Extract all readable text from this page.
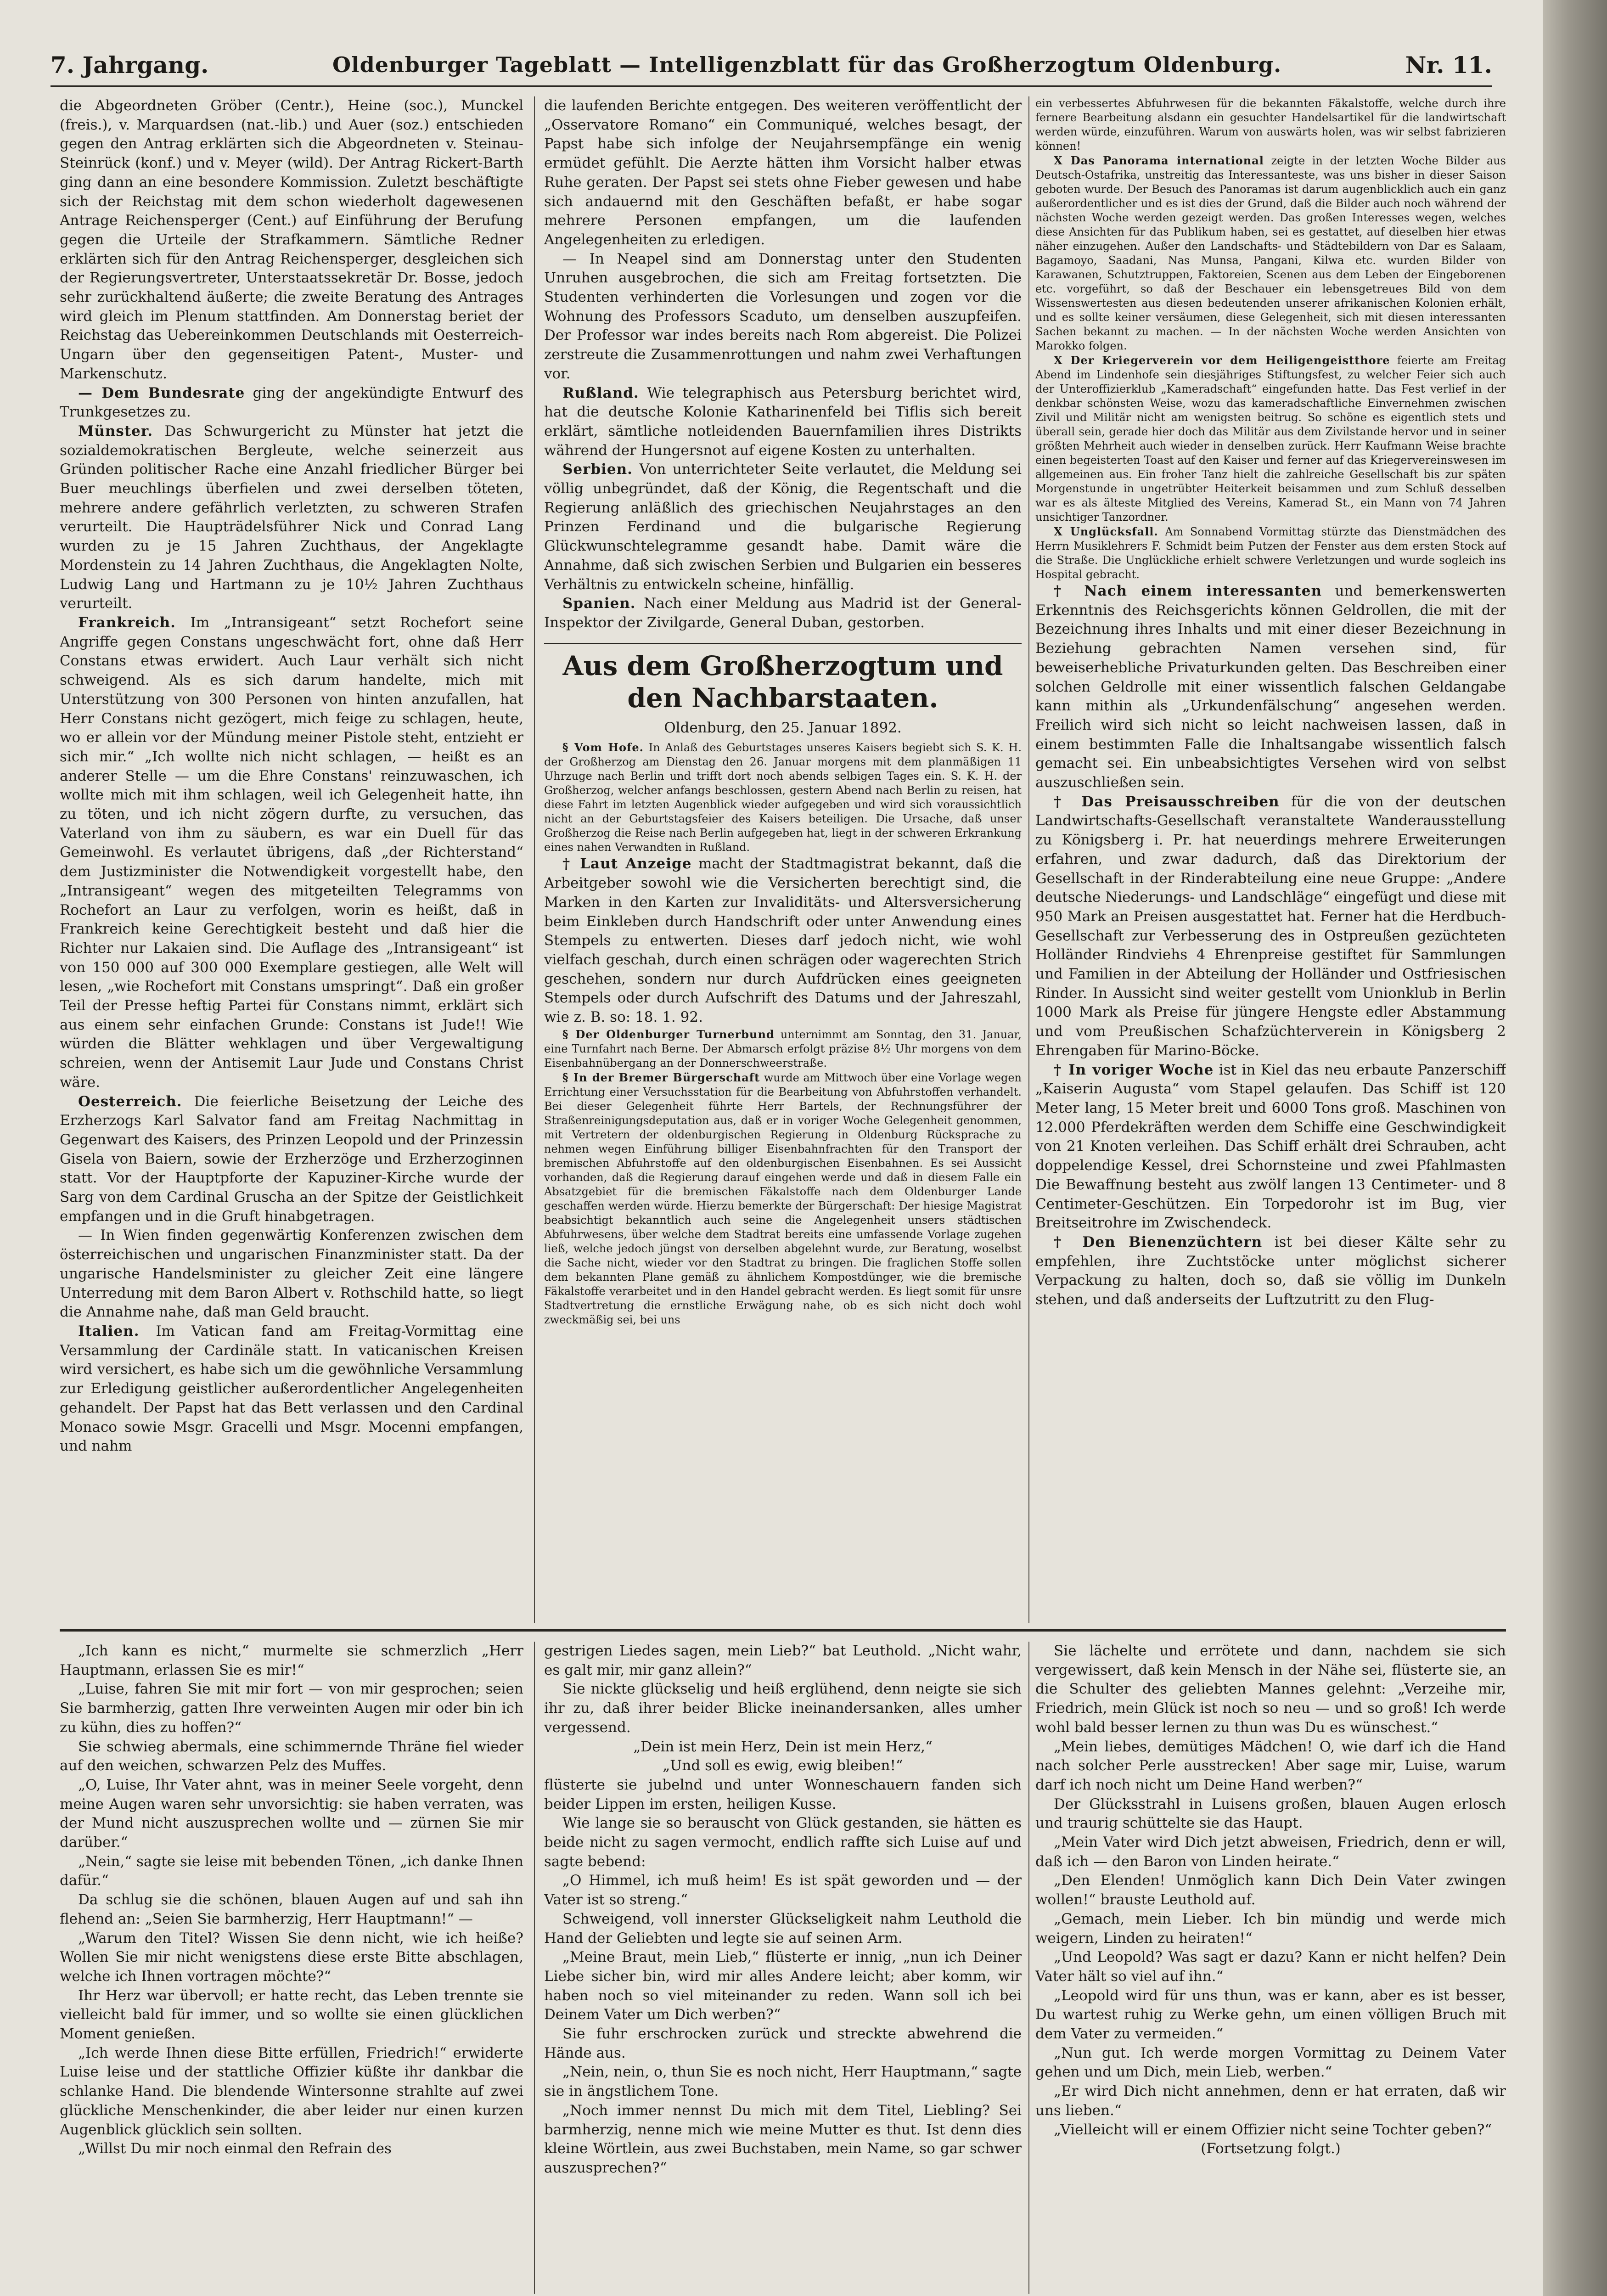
7. Jahrgang.	Oldenburger Tageblatt — Intelligenzblatt für das Großherzogtum Oldenburg.	Nr. 11.

die Abgeordneten Gröber (Centr.), Heine (soc.), Munckel (freis.), v. Marquardsen (nat.-lib.) und Auer (soz.) entschieden gegen den Antrag erklärten sich die Abgeordneten v. Steinau-Steinrück (konf.) und v. Meyer (wild). Der Antrag Rickert-Barth ging dann an eine besondere Kommission. Zuletzt beschäftigte sich der Reichstag mit dem schon wiederholt dagewesenen Antrage Reichensperger (Cent.) auf Einführung der Berufung gegen die Urteile der Strafkammern. Sämtliche Redner erklärten sich für den Antrag Reichensperger, desgleichen sich der Regierungsvertreter, Unterstaatssekretär Dr. Bosse, jedoch sehr zurückhaltend äußerte; die zweite Beratung des Antrages wird gleich im Plenum stattfinden. Am Donnerstag beriet der Reichstag das Uebereinkommen Deutschlands mit Oesterreich-Ungarn über den gegenseitigen Patent-, Muster- und Markenschutz.

— Dem Bundesrate ging der angekündigte Entwurf des Trunkgesetzes zu.

Münster. Das Schwurgericht zu Münster hat jetzt die sozialdemokratischen Bergleute, welche seinerzeit aus Gründen politischer Rache eine Anzahl friedlicher Bürger bei Buer meuchlings überfielen und zwei derselben töteten, mehrere andere gefährlich verletzten, zu schweren Strafen verurteilt. Die Haupträdelsführer Nick und Conrad Lang wurden zu je 15 Jahren Zuchthaus, der Angeklagte Mordenstein zu 14 Jahren Zuchthaus, die Angeklagten Nolte, Ludwig Lang und Hartmann zu je 10½ Jahren Zuchthaus verurteilt.

Frankreich. Im „Intransigeant“ setzt Rochefort seine Angriffe gegen Constans ungeschwächt fort, ohne daß Herr Constans etwas erwidert. Auch Laur verhält sich nicht schweigend. Als es sich darum handelte, mich mit Unterstützung von 300 Personen von hinten anzufallen, hat Herr Constans nicht gezögert, mich feige zu schlagen, heute, wo er allein vor der Mündung meiner Pistole steht, entzieht er sich mir.“ „Ich wollte nich nicht schlagen, — heißt es an anderer Stelle — um die Ehre Constans' reinzuwaschen, ich wollte mich mit ihm schlagen, weil ich Gelegenheit hatte, ihn zu töten, und ich nicht zögern durfte, zu versuchen, das Vaterland von ihm zu säubern, es war ein Duell für das Gemeinwohl. Es verlautet übrigens, daß „der Richterstand“ dem Justizminister die Notwendigkeit vorgestellt habe, den „Intransigeant“ wegen des mitgeteilten Telegramms von Rochefort an Laur zu verfolgen, worin es heißt, daß in Frankreich keine Gerechtigkeit besteht und daß hier die Richter nur Lakaien sind. Die Auflage des „Intransigeant“ ist von 150 000 auf 300 000 Exemplare gestiegen, alle Welt will lesen, „wie Rochefort mit Constans umspringt“. Daß ein großer Teil der Presse heftig Partei für Constans nimmt, erklärt sich aus einem sehr einfachen Grunde: Constans ist Jude!! Wie würden die Blätter wehklagen und über Vergewaltigung schreien, wenn der Antisemit Laur Jude und Constans Christ wäre.

Oesterreich. Die feierliche Beisetzung der Leiche des Erzherzogs Karl Salvator fand am Freitag Nachmittag in Gegenwart des Kaisers, des Prinzen Leopold und der Prinzessin Gisela von Baiern, sowie der Erzherzöge und Erzherzoginnen statt. Vor der Hauptpforte der Kapuziner-Kirche wurde der Sarg von dem Cardinal Gruscha an der Spitze der Geistlichkeit empfangen und in die Gruft hinabgetragen.

— In Wien finden gegenwärtig Konferenzen zwischen dem österreichischen und ungarischen Finanzminister statt. Da der ungarische Handelsminister zu gleicher Zeit eine längere Unterredung mit dem Baron Albert v. Rothschild hatte, so liegt die Annahme nahe, daß man Geld braucht.

Italien. Im Vatican fand am Freitag-Vormittag eine Versammlung der Cardinäle statt. In vaticanischen Kreisen wird versichert, es habe sich um die gewöhnliche Versammlung zur Erledigung geistlicher außerordentlicher Angelegenheiten gehandelt. Der Papst hat das Bett verlassen und den Cardinal Monaco sowie Msgr. Gracelli und Msgr. Mocenni empfangen, und nahm

die laufenden Berichte entgegen. Des weiteren veröffentlicht der „Osservatore Romano“ ein Communiqué, welches besagt, der Papst habe sich infolge der Neujahrsempfänge ein wenig ermüdet gefühlt. Die Aerzte hätten ihm Vorsicht halber etwas Ruhe geraten. Der Papst sei stets ohne Fieber gewesen und habe sich andauernd mit den Geschäften befaßt, er habe sogar mehrere Personen empfangen, um die laufenden Angelegenheiten zu erledigen.

— In Neapel sind am Donnerstag unter den Studenten Unruhen ausgebrochen, die sich am Freitag fortsetzten. Die Studenten verhinderten die Vorlesungen und zogen vor die Wohnung des Professors Scaduto, um denselben auszupfeifen. Der Professor war indes bereits nach Rom abgereist. Die Polizei zerstreute die Zusammenrottungen und nahm zwei Verhaftungen vor.

Rußland. Wie telegraphisch aus Petersburg berichtet wird, hat die deutsche Kolonie Katharinenfeld bei Tiflis sich bereit erklärt, sämtliche notleidenden Bauernfamilien ihres Distrikts während der Hungersnot auf eigene Kosten zu unterhalten.

Serbien. Von unterrichteter Seite verlautet, die Meldung sei völlig unbegründet, daß der König, die Regentschaft und die Regierung anläßlich des griechischen Neujahrstages an den Prinzen Ferdinand und die bulgarische Regierung Glückwunschtelegramme gesandt habe. Damit wäre die Annahme, daß sich zwischen Serbien und Bulgarien ein besseres Verhältnis zu entwickeln scheine, hinfällig.

Spanien. Nach einer Meldung aus Madrid ist der General-Inspektor der Zivilgarde, General Duban, gestorben.

Aus dem Großherzogtum und den Nachbarstaaten.
Oldenburg, den 25. Januar 1892.

§ Vom Hofe. In Anlaß des Geburtstages unseres Kaisers begiebt sich S. K. H. der Großherzog am Dienstag den 26. Januar morgens mit dem planmäßigen 11 Uhrzuge nach Berlin und trifft dort noch abends selbigen Tages ein. S. K. H. der Großherzog, welcher anfangs beschlossen, gestern Abend nach Berlin zu reisen, hat diese Fahrt im letzten Augenblick wieder aufgegeben und wird sich voraussichtlich nicht an der Geburtstagsfeier des Kaisers beteiligen. Die Ursache, daß unser Großherzog die Reise nach Berlin aufgegeben hat, liegt in der schweren Erkrankung eines nahen Verwandten in Rußland.

† Laut Anzeige macht der Stadtmagistrat bekannt, daß die Arbeitgeber sowohl wie die Versicherten berechtigt sind, die Marken in den Karten zur Invaliditäts- und Altersversicherung beim Einkleben durch Handschrift oder unter Anwendung eines Stempels zu entwerten. Dieses darf jedoch nicht, wie wohl vielfach geschah, durch einen schrägen oder wagerechten Strich geschehen, sondern nur durch Aufdrücken eines geeigneten Stempels oder durch Aufschrift des Datums und der Jahreszahl, wie z. B. so: 18. 1. 92.

§ Der Oldenburger Turnerbund unternimmt am Sonntag, den 31. Januar, eine Turnfahrt nach Berne. Der Abmarsch erfolgt präzise 8½ Uhr morgens von dem Eisenbahnübergang an der Donnerschweerstraße.

§ In der Bremer Bürgerschaft wurde am Mittwoch über eine Vorlage wegen Errichtung einer Versuchsstation für die Bearbeitung von Abfuhrstoffen verhandelt. Bei dieser Gelegenheit führte Herr Bartels, der Rechnungsführer der Straßenreinigungsdeputation aus, daß er in voriger Woche Gelegenheit genommen, mit Vertretern der oldenburgischen Regierung in Oldenburg Rücksprache zu nehmen wegen Einführung billiger Eisenbahnfrachten für den Transport der bremischen Abfuhrstoffe auf den oldenburgischen Eisenbahnen. Es sei Aussicht vorhanden, daß die Regierung darauf eingehen werde und daß in diesem Falle ein Absatzgebiet für die bremischen Fäkalstoffe nach dem Oldenburger Lande geschaffen werden würde. Hierzu bemerkte der Bürgerschaft: Der hiesige Magistrat beabsichtigt bekanntlich auch seine die Angelegenheit unsers städtischen Abfuhrwesens, über welche dem Stadtrat bereits eine umfassende Vorlage zugehen ließ, welche jedoch jüngst von derselben abgelehnt wurde, zur Beratung, woselbst die Sache nicht, wieder vor den Stadtrat zu bringen. Die fraglichen Stoffe sollen dem bekannten Plane gemäß zu ähnlichem Kompostdünger, wie die bremische Fäkalstoffe verarbeitet und in den Handel gebracht werden. Es liegt somit für unsre Stadtvertretung die ernstliche Erwägung nahe, ob es sich nicht doch wohl zweckmäßig sei, bei uns

ein verbessertes Abfuhrwesen für die bekannten Fäkalstoffe, welche durch ihre fernere Bearbeitung alsdann ein gesuchter Handelsartikel für die landwirtschaft werden würde, einzuführen. Warum von auswärts holen, was wir selbst fabrizieren können!

X Das Panorama international zeigte in der letzten Woche Bilder aus Deutsch-Ostafrika, unstreitig das Interessanteste, was uns bisher in dieser Saison geboten wurde. Der Besuch des Panoramas ist darum augenblicklich auch ein ganz außerordentlicher und es ist dies der Grund, daß die Bilder auch noch während der nächsten Woche werden gezeigt werden. Das großen Interesses wegen, welches diese Ansichten für das Publikum haben, sei es gestattet, auf dieselben hier etwas näher einzugehen. Außer den Landschafts- und Städtebildern von Dar es Salaam, Bagamoyo, Saadani, Nas Munsa, Pangani, Kilwa etc. wurden Bilder von Karawanen, Schutztruppen, Faktoreien, Scenen aus dem Leben der Eingeborenen etc. vorgeführt, so daß der Beschauer ein lebensgetreues Bild von dem Wissenswertesten aus diesen bedeutenden unserer afrikanischen Kolonien erhält, und es sollte keiner versäumen, diese Gelegenheit, sich mit diesen interessanten Sachen bekannt zu machen. — In der nächsten Woche werden Ansichten von Marokko folgen.

X Der Kriegerverein vor dem Heiligengeistthore feierte am Freitag Abend im Lindenhofe sein diesjähriges Stiftungsfest, zu welcher Feier sich auch der Unteroffizierklub „Kameradschaft“ eingefunden hatte. Das Fest verlief in der denkbar schönsten Weise, wozu das kameradschaftliche Einvernehmen zwischen Zivil und Militär nicht am wenigsten beitrug. So schöne es eigentlich stets und überall sein, gerade hier doch das Militär aus dem Zivilstande hervor und in seiner größten Mehrheit auch wieder in denselben zurück. Herr Kaufmann Weise brachte einen begeisterten Toast auf den Kaiser und ferner auf das Kriegervereinswesen im allgemeinen aus. Ein froher Tanz hielt die zahlreiche Gesellschaft bis zur späten Morgenstunde in ungetrübter Heiterkeit beisammen und zum Schluß desselben war es als älteste Mitglied des Vereins, Kamerad St., ein Mann von 74 Jahren unsichtiger Tanzordner.

X Unglücksfall. Am Sonnabend Vormittag stürzte das Dienstmädchen des Herrn Musiklehrers F. Schmidt beim Putzen der Fenster aus dem ersten Stock auf die Straße. Die Unglückliche erhielt schwere Verletzungen und wurde sogleich ins Hospital gebracht.

† Nach einem interessanten und bemerkenswerten Erkenntnis des Reichsgerichts können Geldrollen, die mit der Bezeichnung ihres Inhalts und mit einer dieser Bezeichnung in Beziehung gebrachten Namen versehen sind, für beweiserhebliche Privaturkunden gelten. Das Beschreiben einer solchen Geldrolle mit einer wissentlich falschen Geldangabe kann mithin als „Urkundenfälschung“ angesehen werden. Freilich wird sich nicht so leicht nachweisen lassen, daß in einem bestimmten Falle die Inhaltsangabe wissentlich falsch gemacht sei. Ein unbeabsichtigtes Versehen wird von selbst auszuschließen sein.

† Das Preisausschreiben für die von der deutschen Landwirtschafts-Gesellschaft veranstaltete Wanderausstellung zu Königsberg i. Pr. hat neuerdings mehrere Erweiterungen erfahren, und zwar dadurch, daß das Direktorium der Gesellschaft in der Rinderabteilung eine neue Gruppe: „Andere deutsche Niederungs- und Landschläge“ eingefügt und diese mit 950 Mark an Preisen ausgestattet hat. Ferner hat die Herdbuch-Gesellschaft zur Verbesserung des in Ostpreußen gezüchteten Holländer Rindviehs 4 Ehrenpreise gestiftet für Sammlungen und Familien in der Abteilung der Holländer und Ostfriesischen Rinder. In Aussicht sind weiter gestellt vom Unionklub in Berlin 1000 Mark als Preise für jüngere Hengste edler Abstammung und vom Preußischen Schafzüchterverein in Königsberg 2 Ehrengaben für Marino-Böcke.

† In voriger Woche ist in Kiel das neu erbaute Panzerschiff „Kaiserin Augusta“ vom Stapel gelaufen. Das Schiff ist 120 Meter lang, 15 Meter breit und 6000 Tons groß. Maschinen von 12.000 Pferdekräften werden dem Schiffe eine Geschwindigkeit von 21 Knoten verleihen. Das Schiff erhält drei Schrauben, acht doppelendige Kessel, drei Schornsteine und zwei Pfahlmasten Die Bewaffnung besteht aus zwölf langen 13 Centimeter- und 8 Centimeter-Geschützen. Ein Torpedorohr ist im Bug, vier Breitseitrohre im Zwischendeck.

† Den Bienenzüchtern ist bei dieser Kälte sehr zu empfehlen, ihre Zuchtstöcke unter möglichst sicherer Verpackung zu halten, doch so, daß sie völlig im Dunkeln stehen, und daß anderseits der Luftzutritt zu den Flug-

„Ich kann es nicht,“ murmelte sie schmerzlich „Herr Hauptmann, erlassen Sie es mir!“

„Luise, fahren Sie mit mir fort — von mir gesprochen; seien Sie barmherzig, gatten Ihre verweinten Augen mir oder bin ich zu kühn, dies zu hoffen?“

Sie schwieg abermals, eine schimmernde Thräne fiel wieder auf den weichen, schwarzen Pelz des Muffes.

„O, Luise, Ihr Vater ahnt, was in meiner Seele vorgeht, denn meine Augen waren sehr unvorsichtig: sie haben verraten, was der Mund nicht auszusprechen wollte und — zürnen Sie mir darüber.“

„Nein,“ sagte sie leise mit bebenden Tönen, „ich danke Ihnen dafür.“

Da schlug sie die schönen, blauen Augen auf und sah ihn flehend an: „Seien Sie barmherzig, Herr Hauptmann!“ —

„Warum den Titel? Wissen Sie denn nicht, wie ich heiße? Wollen Sie mir nicht wenigstens diese erste Bitte abschlagen, welche ich Ihnen vortragen möchte?“

Ihr Herz war übervoll; er hatte recht, das Leben trennte sie vielleicht bald für immer, und so wollte sie einen glücklichen Moment genießen.

„Ich werde Ihnen diese Bitte erfüllen, Friedrich!“ erwiderte Luise leise und der stattliche Offizier küßte ihr dankbar die schlanke Hand. Die blendende Wintersonne strahlte auf zwei glückliche Menschenkinder, die aber leider nur einen kurzen Augenblick glücklich sein sollten.

„Willst Du mir noch einmal den Refrain des

gestrigen Liedes sagen, mein Lieb?“ bat Leuthold. „Nicht wahr, es galt mir, mir ganz allein?“

Sie nickte glückselig und heiß erglühend, denn neigte sie sich ihr zu, daß ihrer beider Blicke ineinandersanken, alles umher vergessend.

„Dein ist mein Herz, Dein ist mein Herz,“

„Und soll es ewig, ewig bleiben!“

flüsterte sie jubelnd und unter Wonneschauern fanden sich beider Lippen im ersten, heiligen Kusse.

Wie lange sie so berauscht von Glück gestanden, sie hätten es beide nicht zu sagen vermocht, endlich raffte sich Luise auf und sagte bebend:

„O Himmel, ich muß heim! Es ist spät geworden und — der Vater ist so streng.“

Schweigend, voll innerster Glückseligkeit nahm Leuthold die Hand der Geliebten und legte sie auf seinen Arm.

„Meine Braut, mein Lieb,“ flüsterte er innig, „nun ich Deiner Liebe sicher bin, wird mir alles Andere leicht; aber komm, wir haben noch so viel miteinander zu reden. Wann soll ich bei Deinem Vater um Dich werben?“

Sie fuhr erschrocken zurück und streckte abwehrend die Hände aus.

„Nein, nein, o, thun Sie es noch nicht, Herr Hauptmann,“ sagte sie in ängstlichem Tone.

„Noch immer nennst Du mich mit dem Titel, Liebling? Sei barmherzig, nenne mich wie meine Mutter es thut. Ist denn dies kleine Wörtlein, aus zwei Buchstaben, mein Name, so gar schwer auszusprechen?“

Sie lächelte und errötete und dann, nachdem sie sich vergewissert, daß kein Mensch in der Nähe sei, flüsterte sie, an die Schulter des geliebten Mannes gelehnt: „Verzeihe mir, Friedrich, mein Glück ist noch so neu — und so groß! Ich werde wohl bald besser lernen zu thun was Du es wünschest.“

„Mein liebes, demütiges Mädchen! O, wie darf ich die Hand nach solcher Perle ausstrecken! Aber sage mir, Luise, warum darf ich noch nicht um Deine Hand werben?“

Der Glücksstrahl in Luisens großen, blauen Augen erlosch und traurig schüttelte sie das Haupt.

„Mein Vater wird Dich jetzt abweisen, Friedrich, denn er will, daß ich — den Baron von Linden heirate.“

„Den Elenden! Unmöglich kann Dich Dein Vater zwingen wollen!“ brauste Leuthold auf.

„Gemach, mein Lieber. Ich bin mündig und werde mich weigern, Linden zu heiraten!“

„Und Leopold? Was sagt er dazu? Kann er nicht helfen? Dein Vater hält so viel auf ihn.“

„Leopold wird für uns thun, was er kann, aber es ist besser, Du wartest ruhig zu Werke gehn, um einen völligen Bruch mit dem Vater zu vermeiden.“

„Nun gut. Ich werde morgen Vormittag zu Deinem Vater gehen und um Dich, mein Lieb, werben.“

„Er wird Dich nicht annehmen, denn er hat erraten, daß wir uns lieben.“

„Vielleicht will er einem Offizier nicht seine Tochter geben?“

(Fortsetzung folgt.)
